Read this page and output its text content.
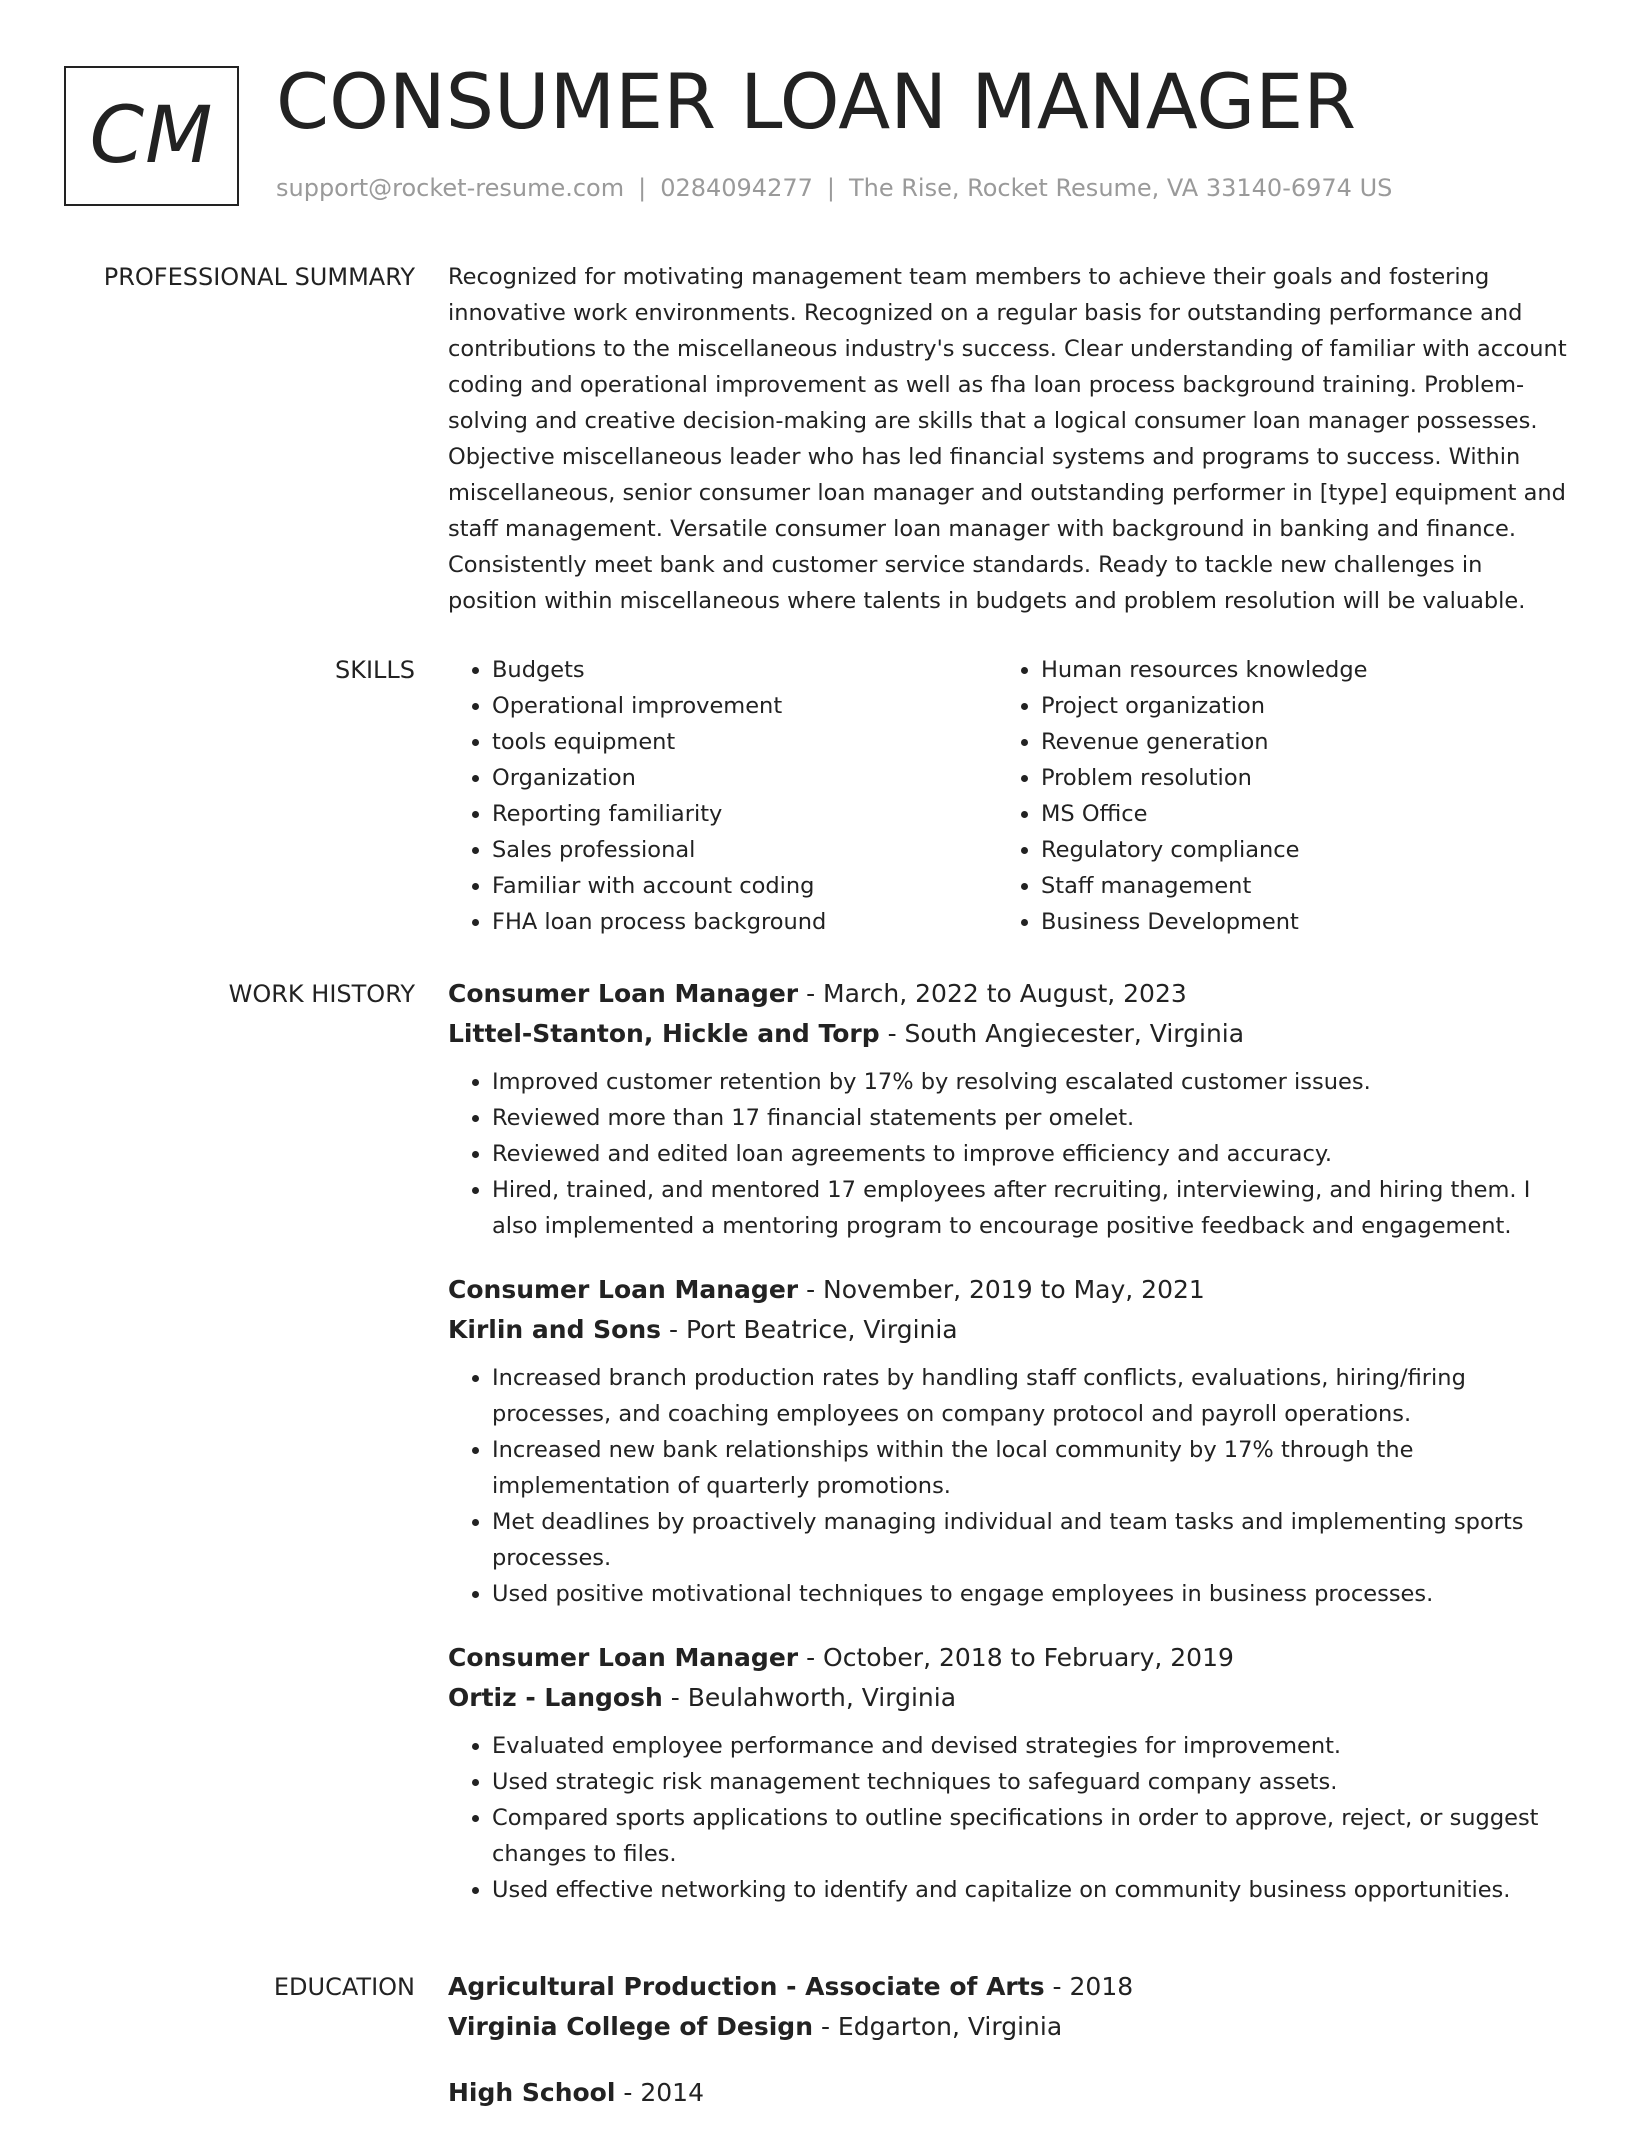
CM CONSUMER LOAN MANAGER
support@rocket-resume.com | 0284094277 | The Rise, Rocket Resume, VA 33140-6974 US
PROFESSIONAL SUMMARY Recognized for motivating management team members to achieve their goals and fostering innovative work environments. Recognized on a regular basis for outstanding performance and contributions to the miscellaneous industry's success. Clear understanding of familiar with account coding and operational improvement as well as fha loan process background training. Problem-solving and creative decision-making are skills that a logical consumer loan manager possesses. Objective miscellaneous leader who has led financial systems and programs to success. Within miscellaneous, senior consumer loan manager and outstanding performer in [type] equipment and staff management. Versatile consumer loan manager with background in banking and finance. Consistently meet bank and customer service standards. Ready to tackle new challenges in position within miscellaneous where talents in budgets and problem resolution will be valuable.

SKILLS
•	Budgets
• Operational improvement
• tools equipment
• Organization
• Reporting familiarity
• Sales professional
• Familiar with account coding
• FHA loan process background
• Human resources knowledge
• Project organization
• Revenue generation
• Problem resolution
• MS Office
• Regulatory compliance
• Staff management
• Business Development
WORK HISTORY Consumer Loan Manager - March, 2022 to August, 2023
Littel-Stanton, Hickle and Torp - South Angiecester, Virginia
• Improved customer retention by 17% by resolving escalated customer issues.
• Reviewed more than 17 financial statements per omelet.
• Reviewed and edited loan agreements to improve efficiency and accuracy.
• Hired, trained, and mentored 17 employees after recruiting, interviewing, and hiring them. I also implemented a mentoring program to encourage positive feedback and engagement.
Consumer Loan Manager - November, 2019 to May, 2021
Kirlin and Sons - Port Beatrice, Virginia
• Increased branch production rates by handling staff conflicts, evaluations, hiring/firing processes, and coaching employees on company protocol and payroll operations.
• Increased new bank relationships within the local community by 17% through the implementation of quarterly promotions.
• Met deadlines by proactively managing individual and team tasks and implementing sports processes.
• Used positive motivational techniques to engage employees in business processes.
Consumer Loan Manager - October, 2018 to February, 2019
Ortiz - Langosh - Beulahworth, Virginia
• Evaluated employee performance and devised strategies for improvement.
• Used strategic risk management techniques to safeguard company assets.
• Compared sports applications to outline specifications in order to approve, reject, or suggest changes to files.
• Used effective networking to identify and capitalize on community business opportunities.
EDUCATION Agricultural Production - Associate of Arts - 2018
Virginia College of Design - Edgarton, Virginia
High School - 2014
